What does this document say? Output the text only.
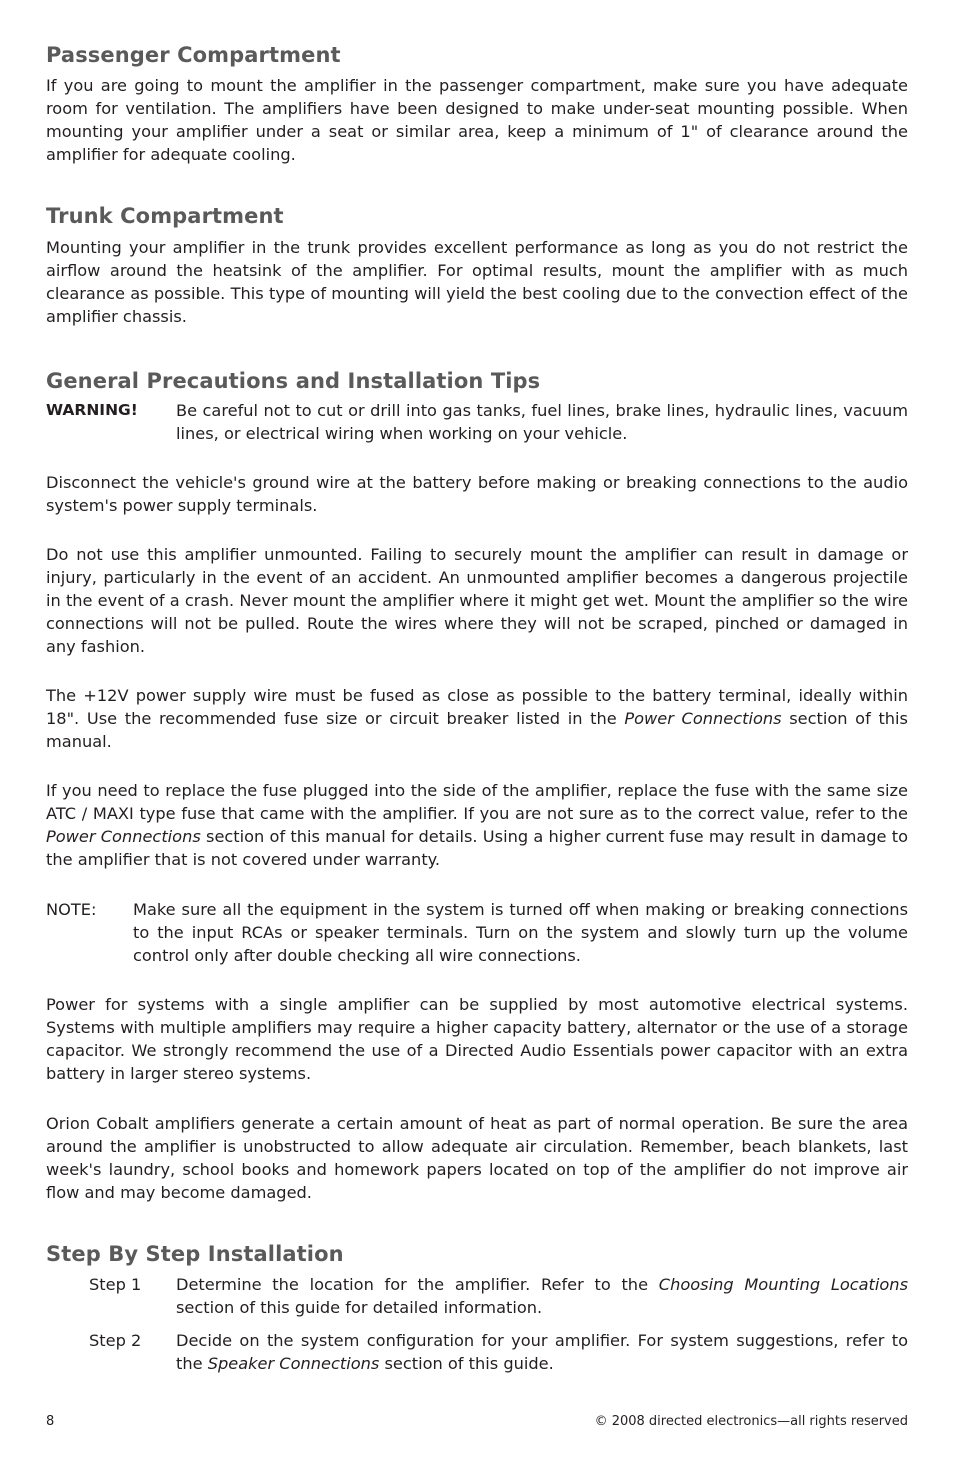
Passenger Compartment

If you are going to mount the amplifier in the passenger compartment, make sure you have adequate room for ventilation. The amplifiers have been designed to make under-seat mounting possible. When mounting your amplifier under a seat or similar area, keep a minimum of 1" of clearance around the amplifier for adequate cooling.

Trunk Compartment

Mounting your amplifier in the trunk provides excellent performance as long as you do not restrict the airflow around the heatsink of the amplifier. For optimal results, mount the amplifier with as much clearance as possible. This type of mounting will yield the best cooling due to the convection effect of the amplifier chassis.

General Precautions and Installation Tips
WARNING!	Be careful not to cut or drill into gas tanks, fuel lines, brake lines, hydraulic lines, vacuum lines, or electrical wiring when working on your vehicle.

Disconnect the vehicle's ground wire at the battery before making or breaking connections to the audio system's power supply terminals.

Do not use this amplifier unmounted. Failing to securely mount the amplifier can result in damage or injury, particularly in the event of an accident. An unmounted amplifier becomes a dangerous projectile in the event of a crash. Never mount the amplifier where it might get wet. Mount the amplifier so the wire connections will not be pulled. Route the wires where they will not be scraped, pinched or damaged in any fashion.

The +12V power supply wire must be fused as close as possible to the battery terminal, ideally within 18". Use the recommended fuse size or circuit breaker listed in the Power Connections section of this manual.

If you need to replace the fuse plugged into the side of the amplifier, replace the fuse with the same size ATC / MAXI type fuse that came with the amplifier. If you are not sure as to the correct value, refer to the Power Connections section of this manual for details. Using a higher current fuse may result in damage to the amplifier that is not covered under warranty.

NOTE:	Make sure all the equipment in the system is turned off when making or breaking connections to the input RCAs or speaker terminals. Turn on the system and slowly turn up the volume control only after double checking all wire connections.

Power for systems with a single amplifier can be supplied by most automotive electrical systems. Systems with multiple amplifiers may require a higher capacity battery, alternator or the use of a storage capacitor. We strongly recommend the use of a Directed Audio Essentials power capacitor with an extra battery in larger stereo systems.

Orion Cobalt amplifiers generate a certain amount of heat as part of normal operation. Be sure the area around the amplifier is unobstructed to allow adequate air circulation. Remember, beach blankets, last week's laundry, school books and homework papers located on top of the amplifier do not improve air flow and may become damaged.

Step By Step Installation
Step 1	Determine the location for the amplifier. Refer to the Choosing Mounting Locations section of this guide for detailed information.
Step 2	Decide on the system configuration for your amplifier. For system suggestions, refer to the Speaker Connections section of this guide.
8	© 2008 directed electronics—all rights reserved
